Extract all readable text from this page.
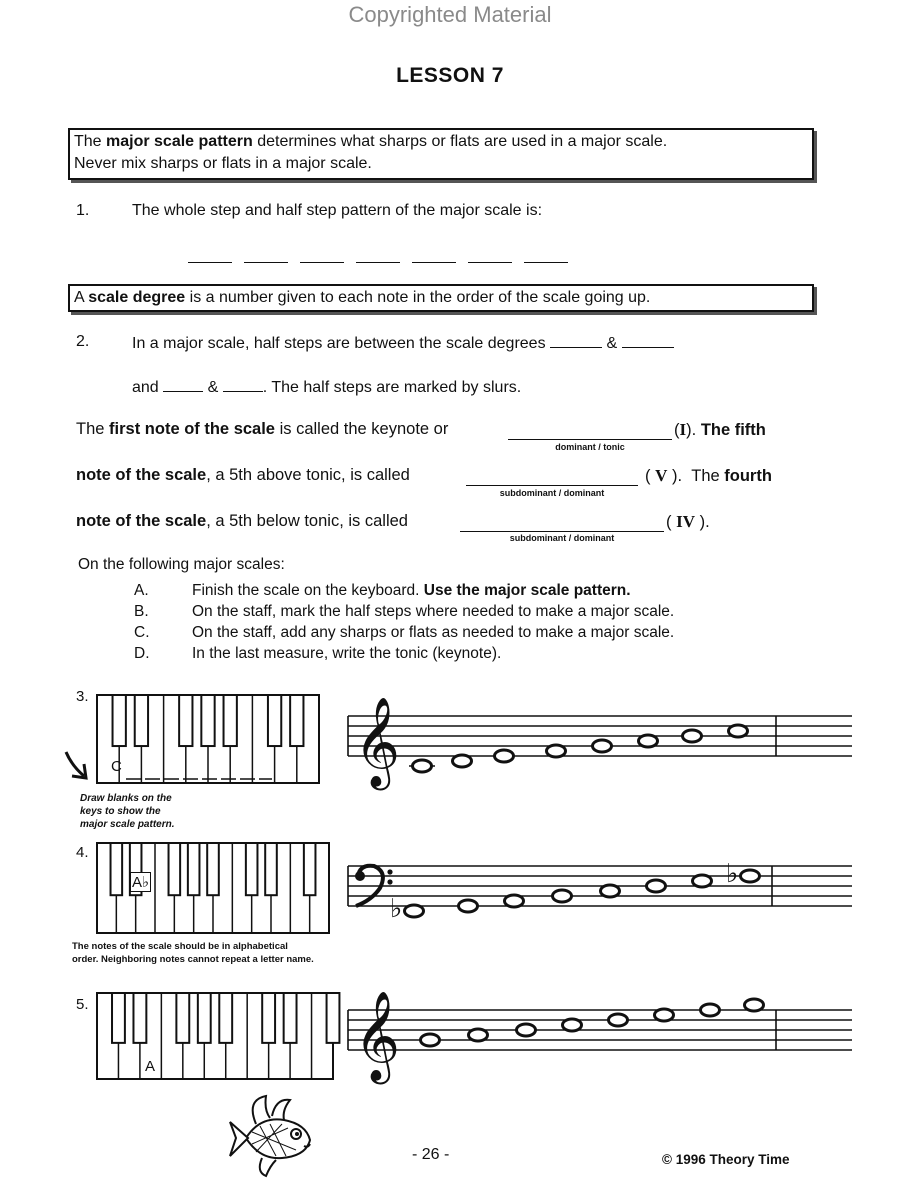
Copyrighted Material
LESSON 7
The major scale pattern determines what sharps or flats are used in a major scale.
Never mix sharps or flats in a major scale.
1.	The whole step and half step pattern of the major scale is:
A scale degree is a number given to each note in the order of the scale going up.
2.	In a major scale, half steps are between the scale degrees	&
and	&	. The half steps are marked by slurs.
The first note of the scale is called the keynote or
dominant / tonic
(I). The fifth
note of the scale, a 5th above tonic, is called
subdominant / dominant
( V ). The fourth
note of the scale, a 5th below tonic, is called
subdominant / dominant
( IV ).
On the following major scales:
A.	Finish the scale on the keyboard. Use the major scale pattern.
B.	On the staff, mark the half steps where needed to make a major scale.
C.	On the staff, add any sharps or flats as needed to make a major scale.
D.	In the last measure, write the tonic (keynote).
3.
C
Draw blanks on the
keys to show the
major scale pattern.
𝄞
4.
A♭
The notes of the scale should be in alphabetical
order. Neighboring notes cannot repeat a letter name.
♭
♭
5.
A	𝄞
- 26 -	© 1996 Theory Time
